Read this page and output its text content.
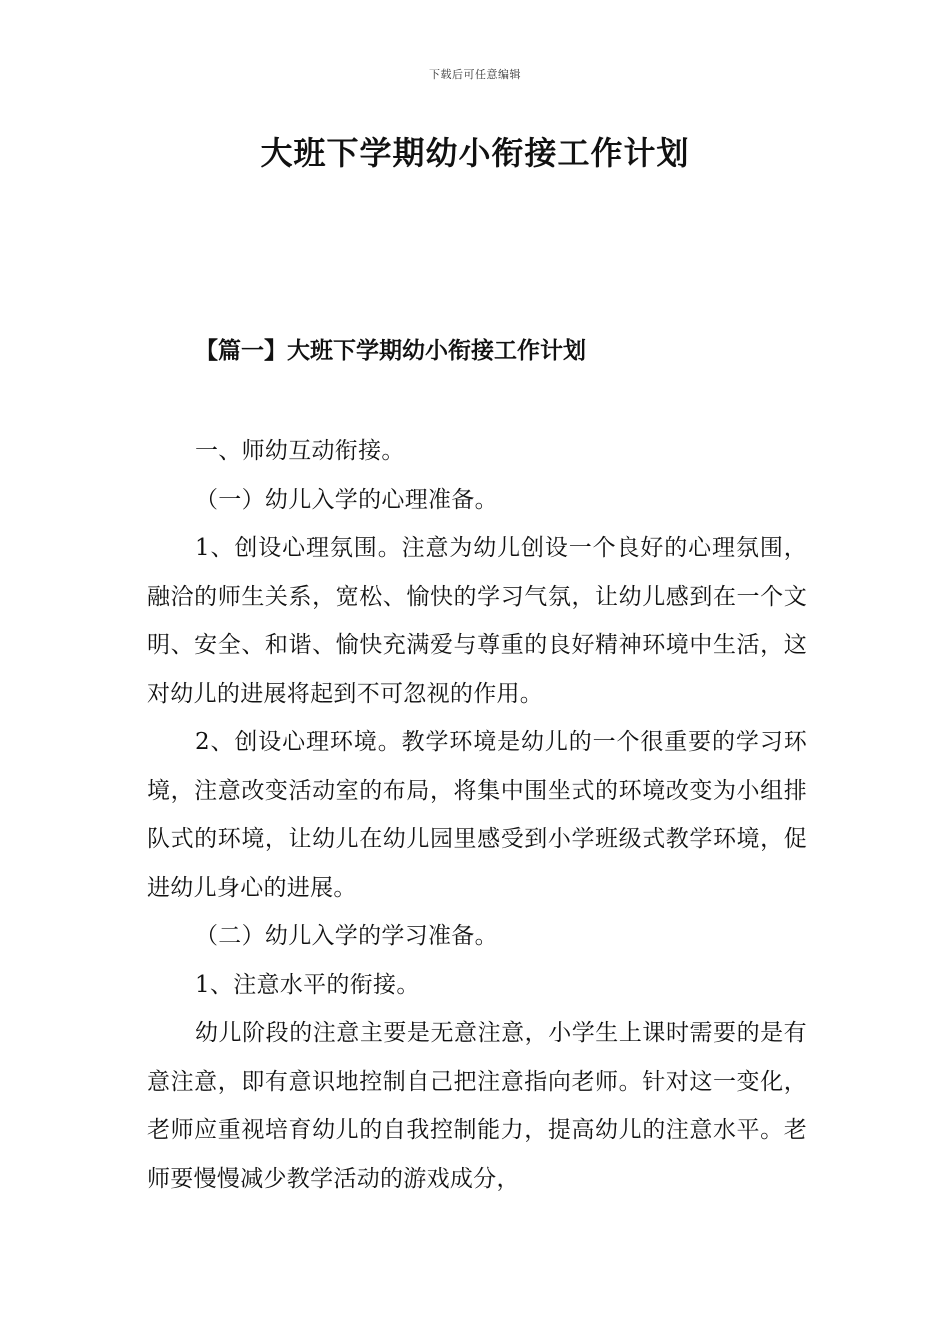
下载后可任意编辑
大班下学期幼小衔接工作计划
【篇一】大班下学期幼小衔接工作计划

一、师幼互动衔接。

（一）幼儿入学的心理准备。

1、创设心理氛围。注意为幼儿创设一个良好的心理氛围，融洽的师生关系，宽松、愉快的学习气氛，让幼儿感到在一个文明、安全、和谐、愉快充满爱与尊重的良好精神环境中生活，这对幼儿的进展将起到不可忽视的作用。

2、创设心理环境。教学环境是幼儿的一个很重要的学习环境，注意改变活动室的布局，将集中围坐式的环境改变为小组排队式的环境，让幼儿在幼儿园里感受到小学班级式教学环境，促进幼儿身心的进展。

（二）幼儿入学的学习准备。

1、注意水平的衔接。

幼儿阶段的注意主要是无意注意，小学生上课时需要的是有意注意，即有意识地控制自己把注意指向老师。针对这一变化，老师应重视培育幼儿的自我控制能力，提高幼儿的注意水平。老师要慢慢减少教学活动的游戏成分，
